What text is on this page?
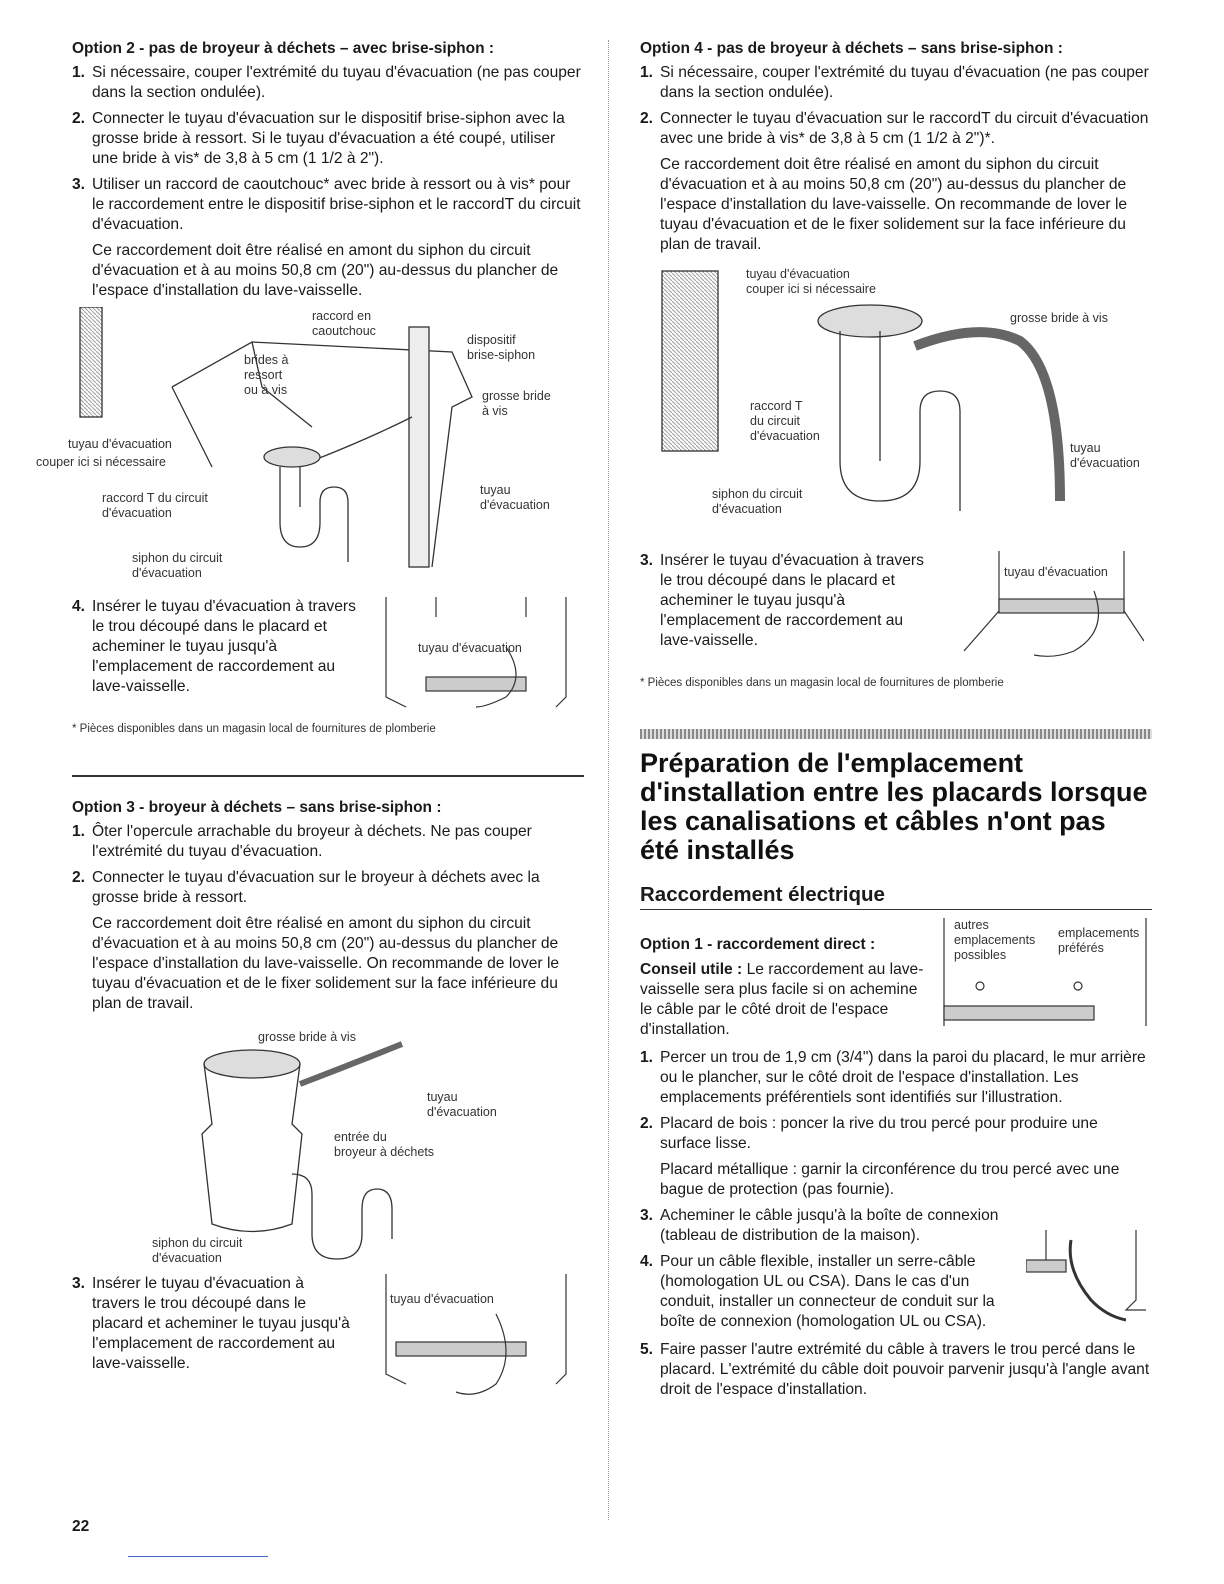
Option 2 - pas de broyeur à déchets – avec brise-siphon :
1. Si nécessaire, couper l'extrémité du tuyau d'évacuation (ne pas couper dans la section ondulée).
2. Connecter le tuyau d'évacuation sur le dispositif brise-siphon avec la grosse bride à ressort. Si le tuyau d'évacuation a été coupé, utiliser une bride à vis* de 3,8 à 5 cm (1 1/2 à 2").
3. Utiliser un raccord de caoutchouc* avec bride à ressort ou à vis* pour le raccordement entre le dispositif brise-siphon et le raccordT du circuit d'évacuation.

Ce raccordement doit être réalisé en amont du siphon du circuit d'évacuation et à au moins 50,8 cm (20") au-dessus du plancher de l'espace d'installation du lave-vaisselle.

raccord en
caoutchouc
dispositif
brise-siphon
brides à
ressort
ou à vis	grosse bride
à vis
tuyau d'évacuation
couper ici si nécessaire
raccord T du circuit
d'évacuation
tuyau
d'évacuation
siphon du circuit
d'évacuation
4. Insérer le tuyau d'évacuation à travers le trou découpé dans le placard et acheminer le tuyau jusqu'à l'emplacement de raccordement au lave-vaisselle.
tuyau d'évacuation
* Pièces disponibles dans un magasin local de fournitures de plomberie
Option 3 - broyeur à déchets – sans brise-siphon :
1. Ôter l'opercule arrachable du broyeur à déchets. Ne pas couper l'extrémité du tuyau d'évacuation.
2. Connecter le tuyau d'évacuation sur le broyeur à déchets avec la grosse bride à ressort.

Ce raccordement doit être réalisé en amont du siphon du circuit d'évacuation et à au moins 50,8 cm (20") au-dessus du plancher de l'espace d'installation du lave-vaisselle. On recommande de lover le tuyau d'évacuation et de le fixer solidement sur la face inférieure du plan de travail.

grosse bride à vis
tuyau
d'évacuation
entrée du
broyeur à déchets
siphon du circuit
d'évacuation
3. Insérer le tuyau d'évacuation à travers le trou découpé dans le placard et acheminer le tuyau jusqu'à l'emplacement de raccordement au lave-vaisselle.
tuyau d'évacuation
Option 4 - pas de broyeur à déchets – sans brise-siphon :
1. Si nécessaire, couper l'extrémité du tuyau d'évacuation (ne pas couper dans la section ondulée).
2. Connecter le tuyau d'évacuation sur le raccordT du circuit d'évacuation avec une bride à vis* de 3,8 à 5 cm (1 1/2 à 2")*.

Ce raccordement doit être réalisé en amont du siphon du circuit d'évacuation et à au moins 50,8 cm (20") au-dessus du plancher de l'espace d'installation du lave-vaisselle. On recommande de lover le tuyau d'évacuation et de le fixer solidement sur la face inférieure du plan de travail.

tuyau d'évacuation
couper ici si nécessaire
grosse bride à vis
raccord T
du circuit
d'évacuation
tuyau
d'évacuation
siphon du circuit
d'évacuation
3. Insérer le tuyau d'évacuation à travers le trou découpé dans le placard et acheminer le tuyau jusqu'à l'emplacement de raccordement au lave-vaisselle.
tuyau d'évacuation
* Pièces disponibles dans un magasin local de fournitures de plomberie
Préparation de l'emplacement d'installation entre les placards lorsque les canalisations et câbles n'ont pas été installés
Raccordement électrique
Option 1 - raccordement direct :
Conseil utile : Le raccordement au lave-vaisselle sera plus facile si on achemine le câble par le côté droit de l'espace d'installation.
autres
emplacements
possibles
emplacements
préférés
1. Percer un trou de 1,9 cm (3/4") dans la paroi du placard, le mur arrière ou le plancher, sur le côté droit de l'espace d'installation. Les emplacements préférentiels sont identifiés sur l'illustration.
2. Placard de bois : poncer la rive du trou percé pour produire une surface lisse.

Placard métallique : garnir la circonférence du trou percé avec une bague de protection (pas fournie).

3. Acheminer le câble jusqu'à la boîte de connexion (tableau de distribution de la maison).
4. Pour un câble flexible, installer un serre-câble (homologation UL ou CSA). Dans le cas d'un conduit, installer un connecteur de conduit sur la boîte de connexion (homologation UL ou CSA).
5. Faire passer l'autre extrémité du câble à travers le trou percé dans le placard. L'extrémité du câble doit pouvoir parvenir jusqu'à l'angle avant droit de l'espace d'installation.
22
